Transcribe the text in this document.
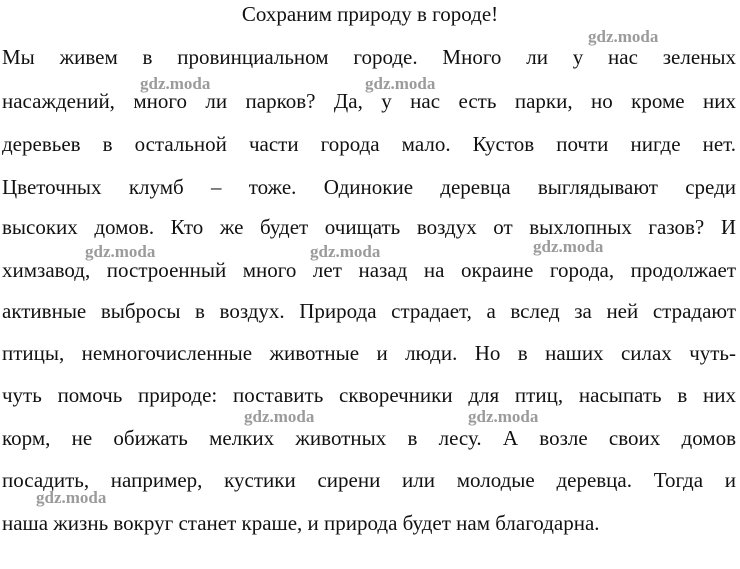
Сохраним природу в городе!
Мы живем в провинциальном городе. Много ли у нас зеленых
насаждений, много ли парков? Да, у нас есть парки, но кроме них
деревьев в остальной части города мало. Кустов почти нигде нет.
Цветочных клумб – тоже. Одинокие деревца выглядывают среди
высоких домов. Кто же будет очищать воздух от выхлопных газов? И
химзавод, построенный много лет назад на окраине города, продолжает
активные выбросы в воздух. Природа страдает, а вслед за ней страдают
птицы, немногочисленные животные и люди. Но в наших силах чуть-
чуть помочь природе: поставить скворечники для птиц, насыпать в них
корм, не обижать мелких животных в лесу. А возле своих домов
посадить, например, кустики сирени или молодые деревца. Тогда и
наша жизнь вокруг станет краше, и природа будет нам благодарна.
gdz.moda
gdz.moda	gdz.moda
gdz.moda	gdz.moda	gdz.moda
gdz.moda	gdz.moda
gdz.moda
